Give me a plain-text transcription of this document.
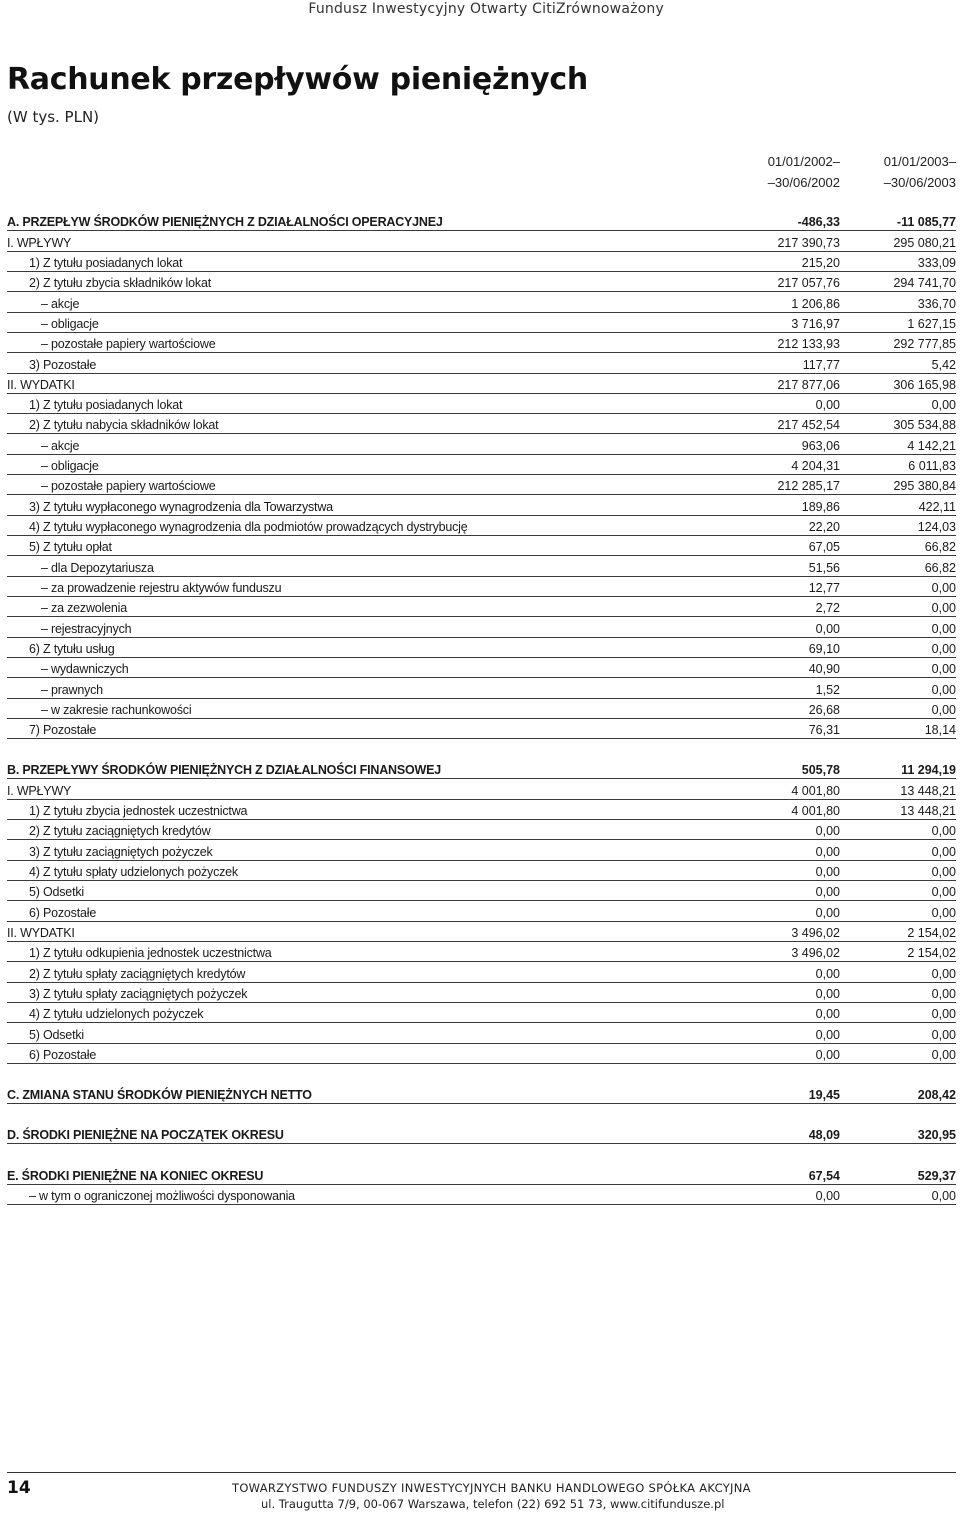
Fundusz Inwestycyjny Otwarty CitiZrównoważony
Rachunek przepływów pieniężnych
(W tys. PLN)
01/01/2002–
–30/06/2002
01/01/2003–
–30/06/2003
A. PRZEPŁYW ŚRODKÓW PIENIĘŻNYCH Z DZIAŁALNOŚCI OPERACYJNEJ	-486,33	-11 085,77
I. WPŁYWY	217 390,73	295 080,21
1) Z tytułu posiadanych lokat	215,20	333,09
2) Z tytułu zbycia składników lokat	217 057,76	294 741,70
– akcje	1 206,86	336,70
– obligacje	3 716,97	1 627,15
– pozostałe papiery wartościowe	212 133,93	292 777,85
3) Pozostałe	117,77	5,42
II. WYDATKI	217 877,06	306 165,98
1) Z tytułu posiadanych lokat	0,00	0,00
2) Z tytułu nabycia składników lokat	217 452,54	305 534,88
– akcje	963,06	4 142,21
– obligacje	4 204,31	6 011,83
– pozostałe papiery wartościowe	212 285,17	295 380,84
3) Z tytułu wypłaconego wynagrodzenia dla Towarzystwa	189,86	422,11
4) Z tytułu wypłaconego wynagrodzenia dla podmiotów prowadzących dystrybucję	22,20	124,03
5) Z tytułu opłat	67,05	66,82
– dla Depozytariusza	51,56	66,82
– za prowadzenie rejestru aktywów funduszu	12,77	0,00
– za zezwolenia	2,72	0,00
– rejestracyjnych	0,00	0,00
6) Z tytułu usług	69,10	0,00
– wydawniczych	40,90	0,00
– prawnych	1,52	0,00
– w zakresie rachunkowości	26,68	0,00
7) Pozostałe	76,31	18,14
B. PRZEPŁYWY ŚRODKÓW PIENIĘŻNYCH Z DZIAŁALNOŚCI FINANSOWEJ	505,78	11 294,19
I. WPŁYWY	4 001,80	13 448,21
1) Z tytułu zbycia jednostek uczestnictwa	4 001,80	13 448,21
2) Z tytułu zaciągniętych kredytów	0,00	0,00
3) Z tytułu zaciągniętych pożyczek	0,00	0,00
4) Z tytułu spłaty udzielonych pożyczek	0,00	0,00
5) Odsetki	0,00	0,00
6) Pozostałe	0,00	0,00
II. WYDATKI	3 496,02	2 154,02
1) Z tytułu odkupienia jednostek uczestnictwa	3 496,02	2 154,02
2) Z tytułu spłaty zaciągniętych kredytów	0,00	0,00
3) Z tytułu spłaty zaciągniętych pożyczek	0,00	0,00
4) Z tytułu udzielonych pożyczek	0,00	0,00
5) Odsetki	0,00	0,00
6) Pozostałe	0,00	0,00
C. ZMIANA STANU ŚRODKÓW PIENIĘŻNYCH NETTO	19,45	208,42
D. ŚRODKI PIENIĘŻNE NA POCZĄTEK OKRESU	48,09	320,95
E. ŚRODKI PIENIĘŻNE NA KONIEC OKRESU	67,54	529,37
– w tym o ograniczonej możliwości dysponowania	0,00	0,00
14	TOWARZYSTWO FUNDUSZY INWESTYCYJNYCH BANKU HANDLOWEGO SPÓŁKA AKCYJNA
ul. Traugutta 7/9, 00-067 Warszawa, telefon (22) 692 51 73, www.citifundusze.pl
